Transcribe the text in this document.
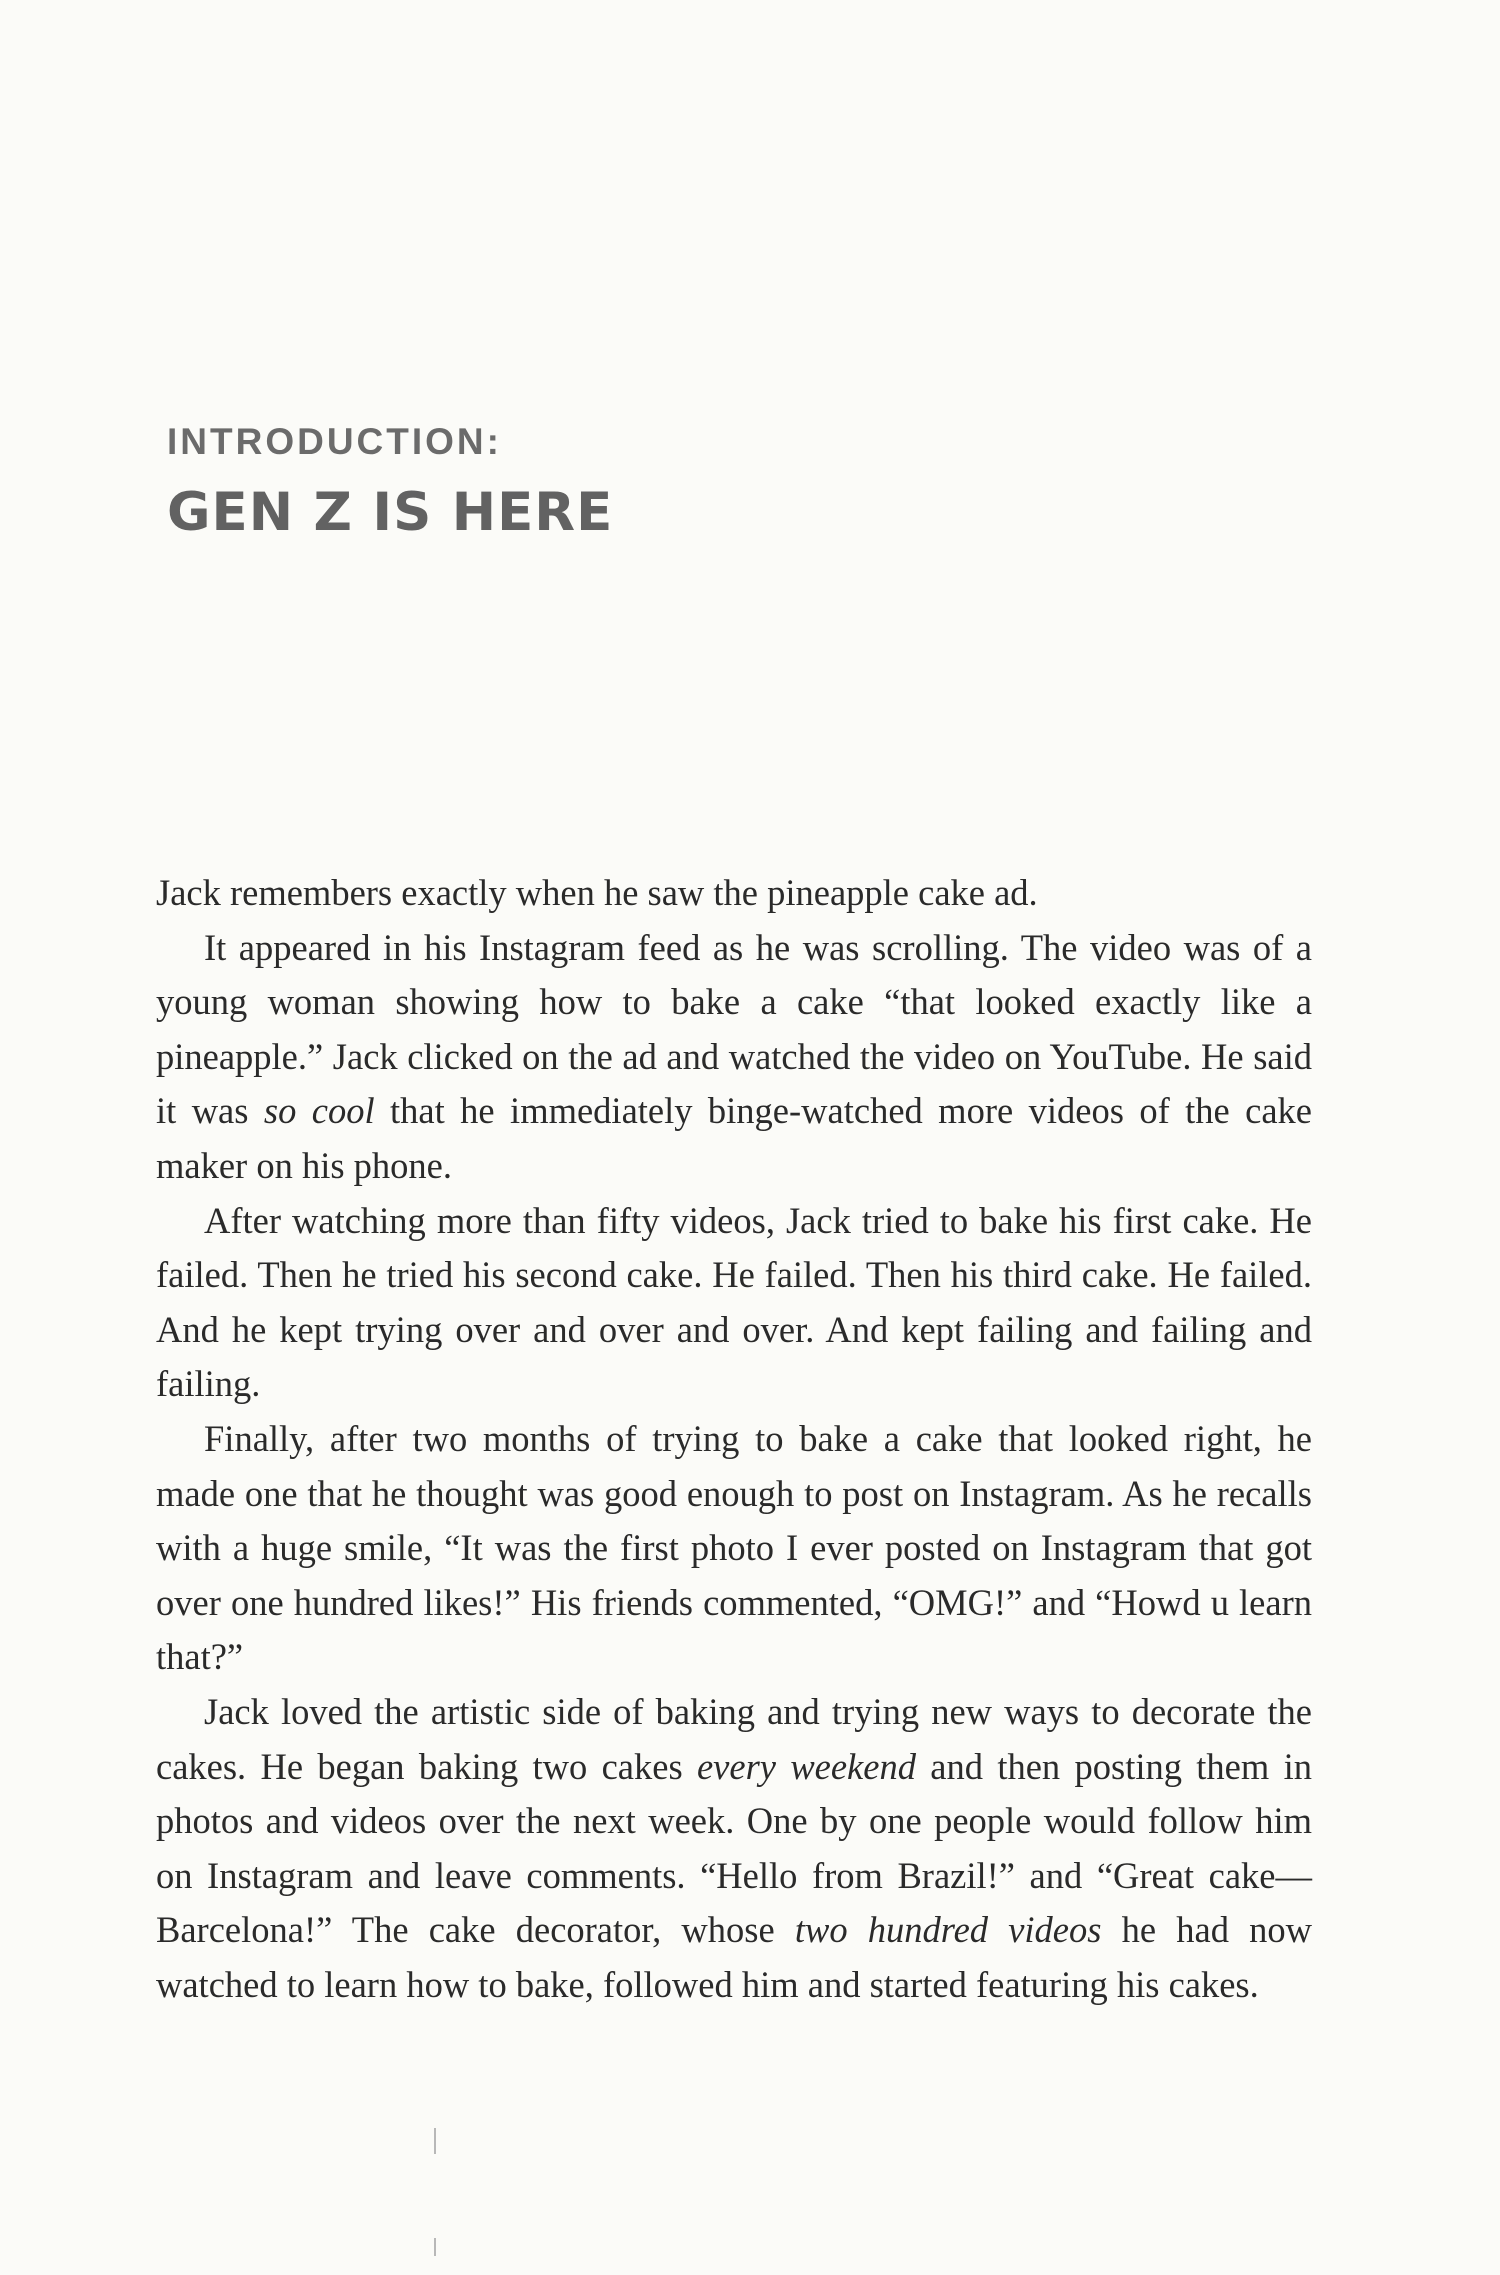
INTRODUCTION:
GEN Z IS HERE

Jack remembers exactly when he saw the pineapple cake ad.

It appeared in his Instagram feed as he was scrolling. The video was of a young woman showing how to bake a cake “that looked exactly like a pineapple.” Jack clicked on the ad and watched the video on YouTube. He said it was so cool that he immediately binge-watched more videos of the cake maker on his phone.

After watching more than fifty videos, Jack tried to bake his first cake. He failed. Then he tried his second cake. He failed. Then his third cake. He failed. And he kept trying over and over and over. And kept failing and failing and failing.

Finally, after two months of trying to bake a cake that looked right, he made one that he thought was good enough to post on Instagram. As he recalls with a huge smile, “It was the first photo I ever posted on Instagram that got over one hundred likes!” His friends commented, “OMG!” and “Howd u learn that?”

Jack loved the artistic side of baking and trying new ways to decorate the cakes. He began baking two cakes every weekend and then posting them in photos and videos over the next week. One by one people would follow him on Instagram and leave comments. “Hello from Brazil!” and “Great cake—Barcelona!” The cake decorator, whose two hundred videos he had now watched to learn how to bake, followed him and started featuring his cakes.
